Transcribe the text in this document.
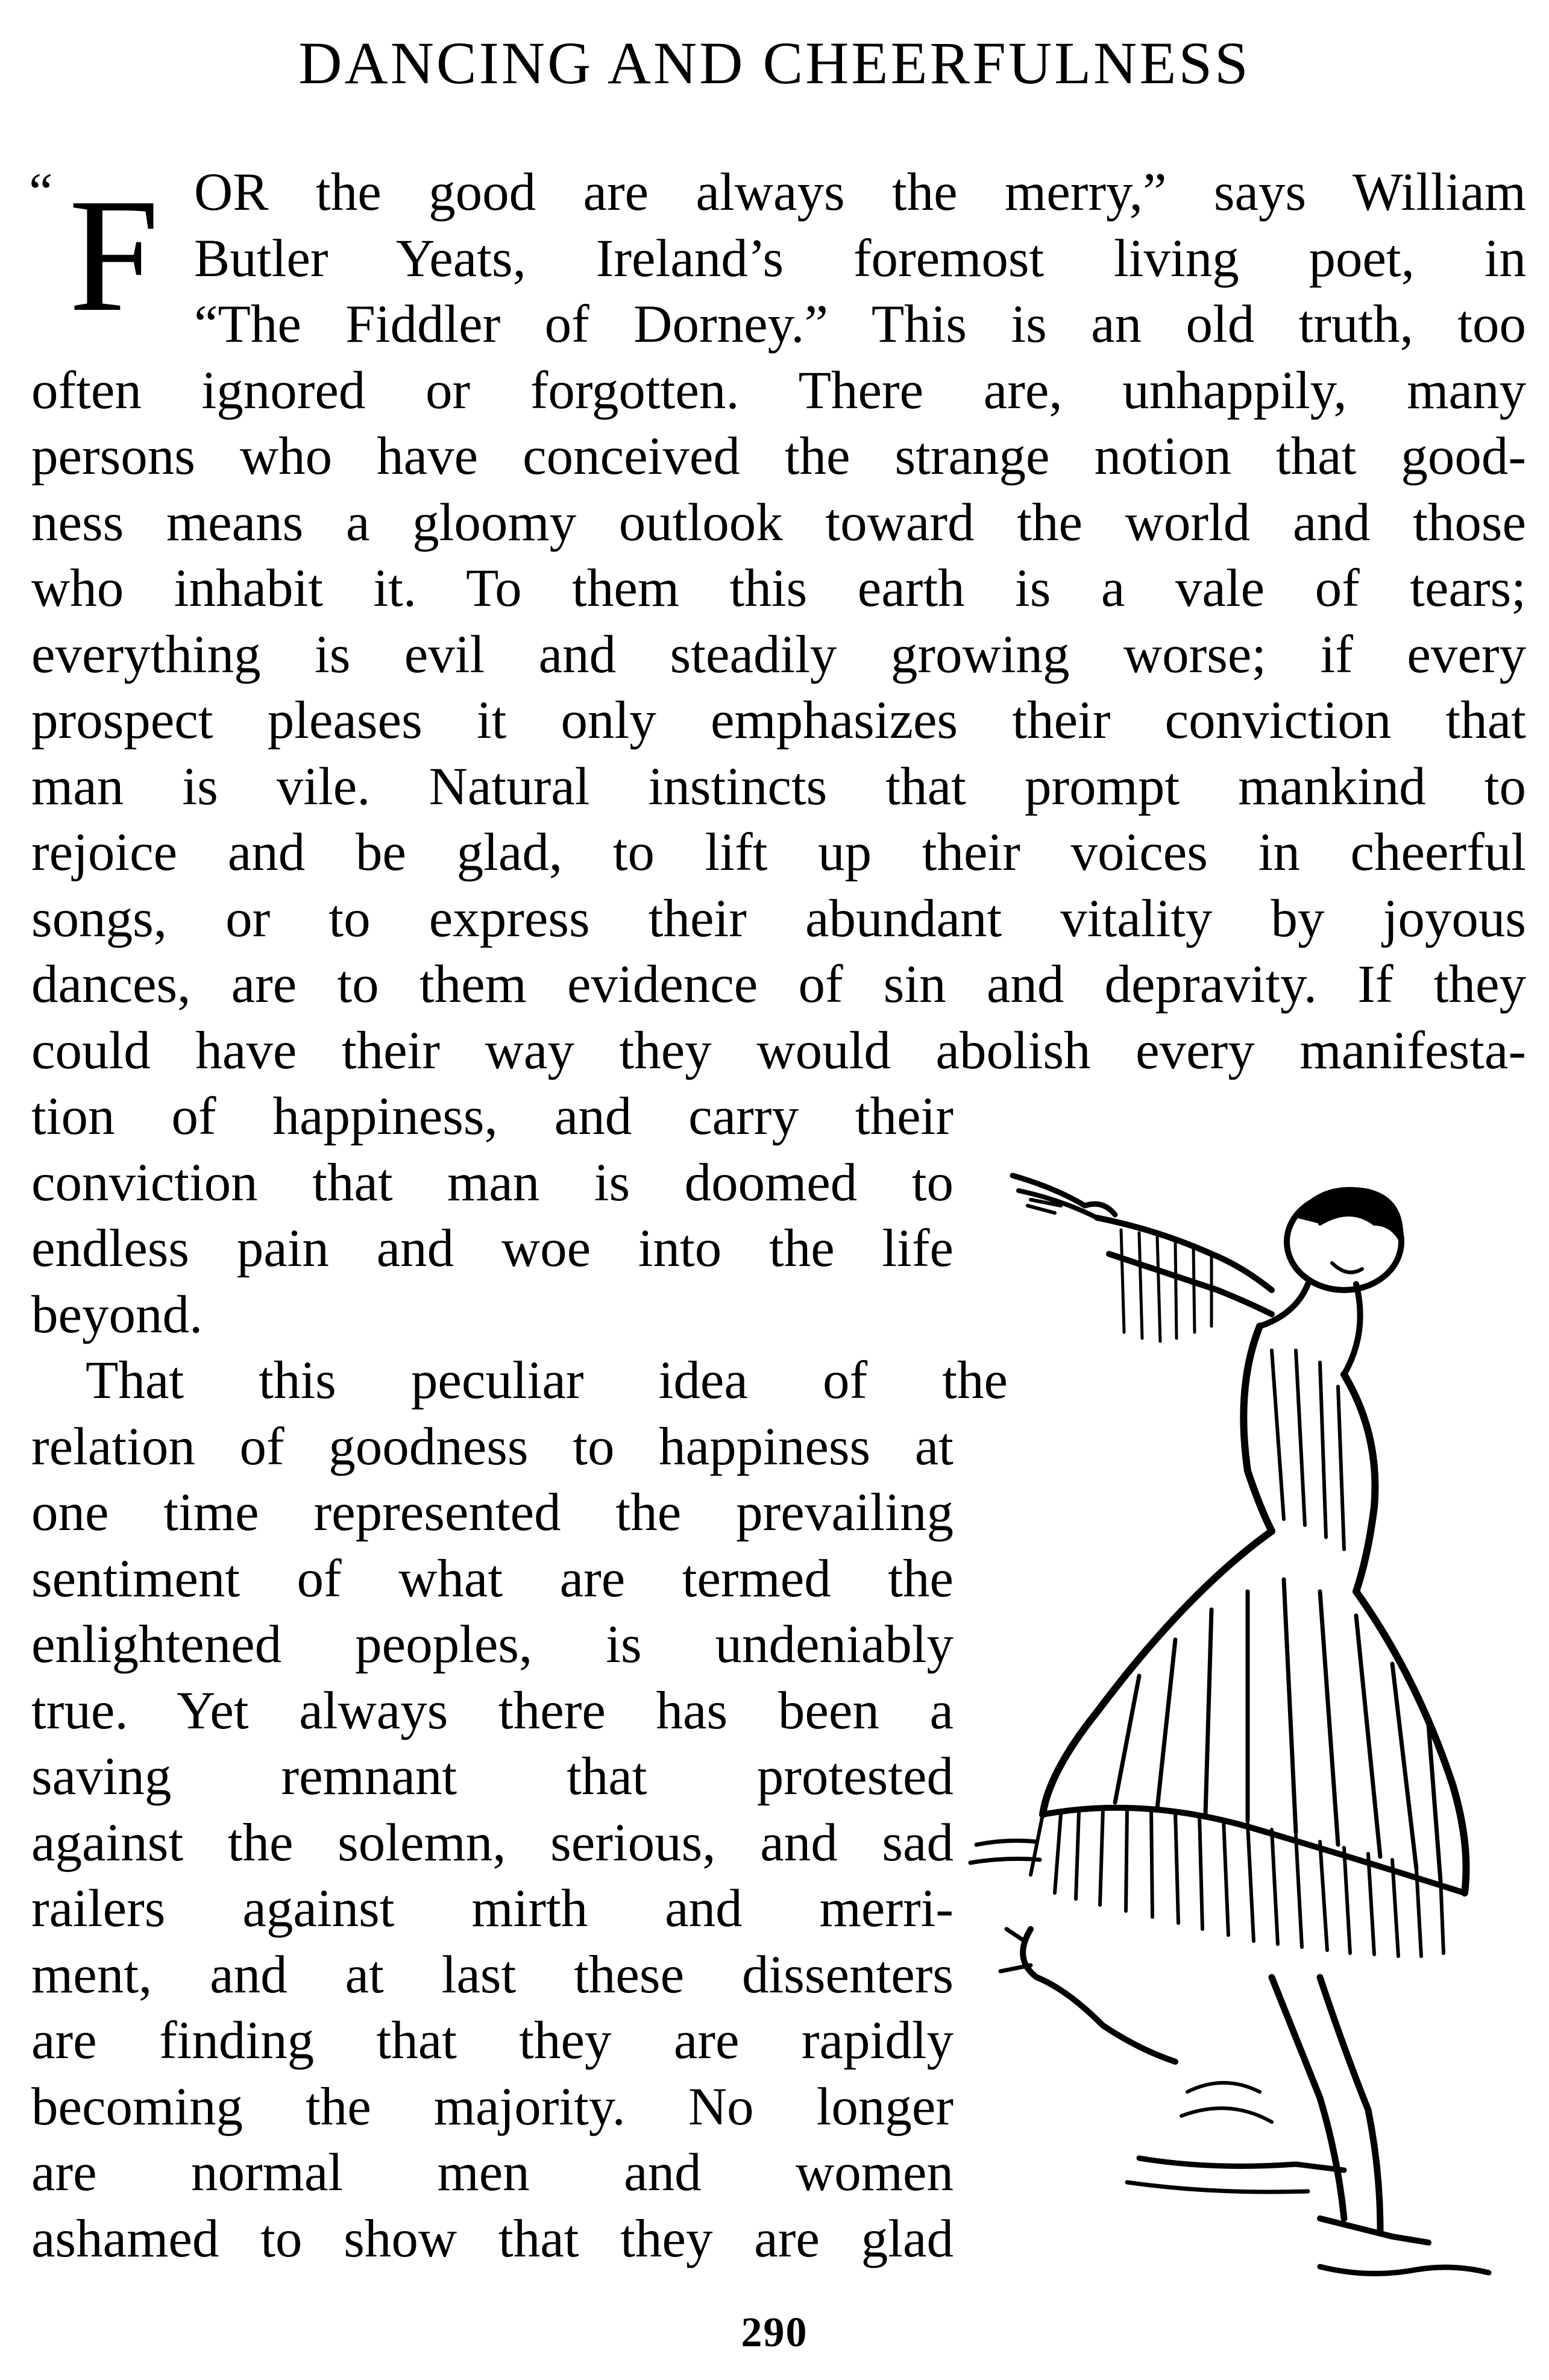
DANCING AND CHEERFULNESS
“ F OR the good are always the merry,” says William
Butler Yeats, Ireland’s foremost living poet, in
“The Fiddler of Dorney.” This is an old truth, too
often ignored or forgotten. There are, unhappily, many
persons who have conceived the strange notion that good-
ness means a gloomy outlook toward the world and those
who inhabit it. To them this earth is a vale of tears;
everything is evil and steadily growing worse; if every
prospect pleases it only emphasizes their conviction that
man is vile. Natural instincts that prompt mankind to
rejoice and be glad, to lift up their voices in cheerful
songs, or to express their abundant vitality by joyous
dances, are to them evidence of sin and depravity. If they
could have their way they would abolish every manifesta-
tion of happiness, and carry their
conviction that man is doomed to
endless pain and woe into the life
beyond.
That this peculiar idea of the
relation of goodness to happiness at
one time represented the prevailing
sentiment of what are termed the
enlightened peoples, is undeniably
true. Yet always there has been a
saving remnant that protested
against the solemn, serious, and sad
railers against mirth and merri-
ment, and at last these dissenters
are finding that they are rapidly
becoming the majority. No longer
are normal men and women
ashamed to show that they are glad
290
